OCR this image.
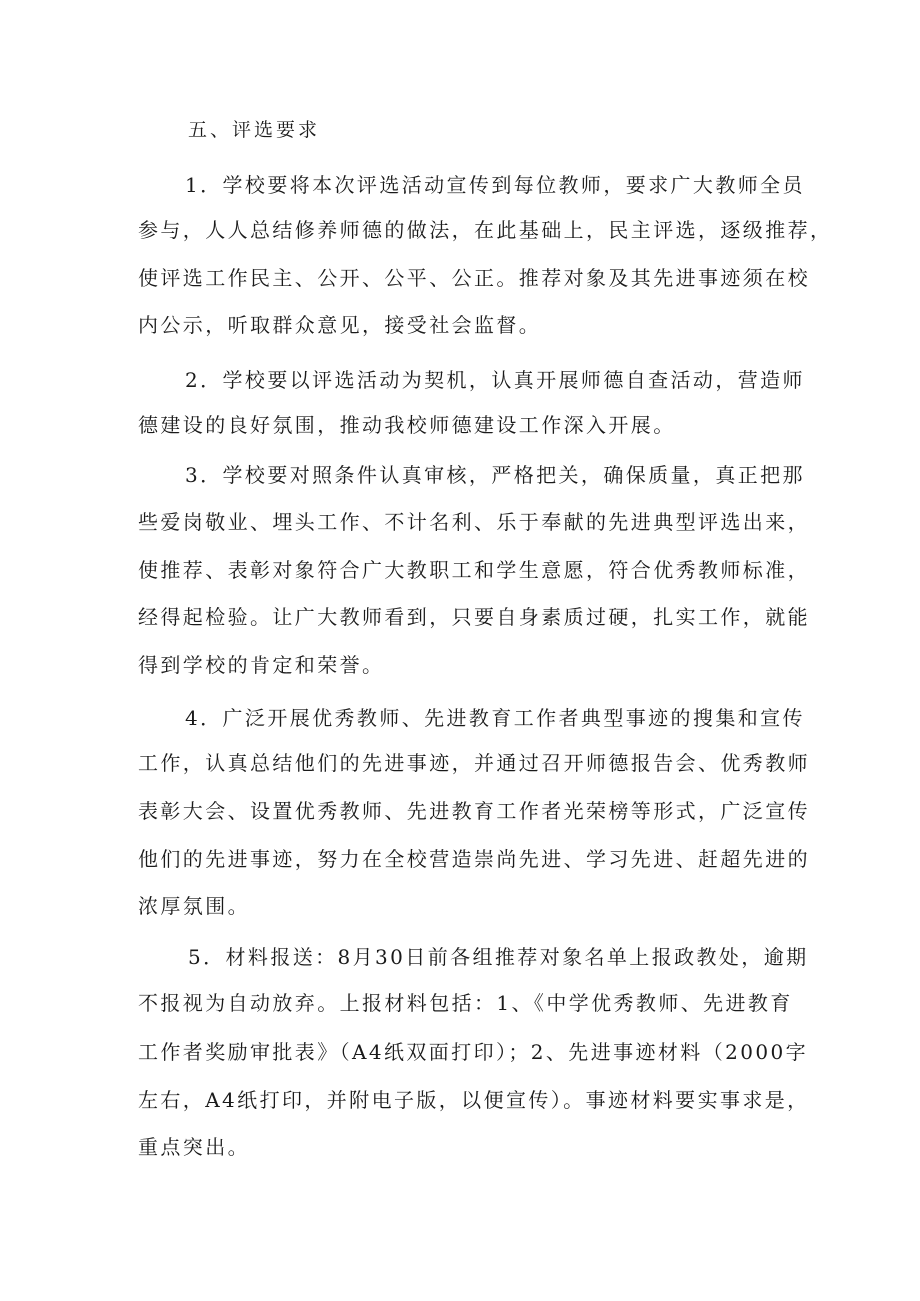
五、评选要求
1．学校要将本次评选活动宣传到每位教师，要求广大教师全员
参与，人人总结修养师德的做法，在此基础上，民主评选，逐级推荐，
使评选工作民主、公开、公平、公正。推荐对象及其先进事迹须在校
内公示，听取群众意见，接受社会监督。
2．学校要以评选活动为契机，认真开展师德自查活动，营造师
德建设的良好氛围，推动我校师德建设工作深入开展。
3．学校要对照条件认真审核，严格把关，确保质量，真正把那
些爱岗敬业、埋头工作、不计名利、乐于奉献的先进典型评选出来，
使推荐、表彰对象符合广大教职工和学生意愿，符合优秀教师标准，
经得起检验。让广大教师看到，只要自身素质过硬，扎实工作，就能
得到学校的肯定和荣誉。
4．广泛开展优秀教师、先进教育工作者典型事迹的搜集和宣传
工作，认真总结他们的先进事迹，并通过召开师德报告会、优秀教师
表彰大会、设置优秀教师、先进教育工作者光荣榜等形式，广泛宣传
他们的先进事迹，努力在全校营造崇尚先进、学习先进、赶超先进的
浓厚氛围。
5．材料报送：8月30日前各组推荐对象名单上报政教处，逾期
不报视为自动放弃。上报材料包括：1、《中学优秀教师、先进教育
工作者奖励审批表》（A4纸双面打印）；2、先进事迹材料（2000字
左右，A4纸打印，并附电子版，以便宣传）。事迹材料要实事求是，
重点突出。
